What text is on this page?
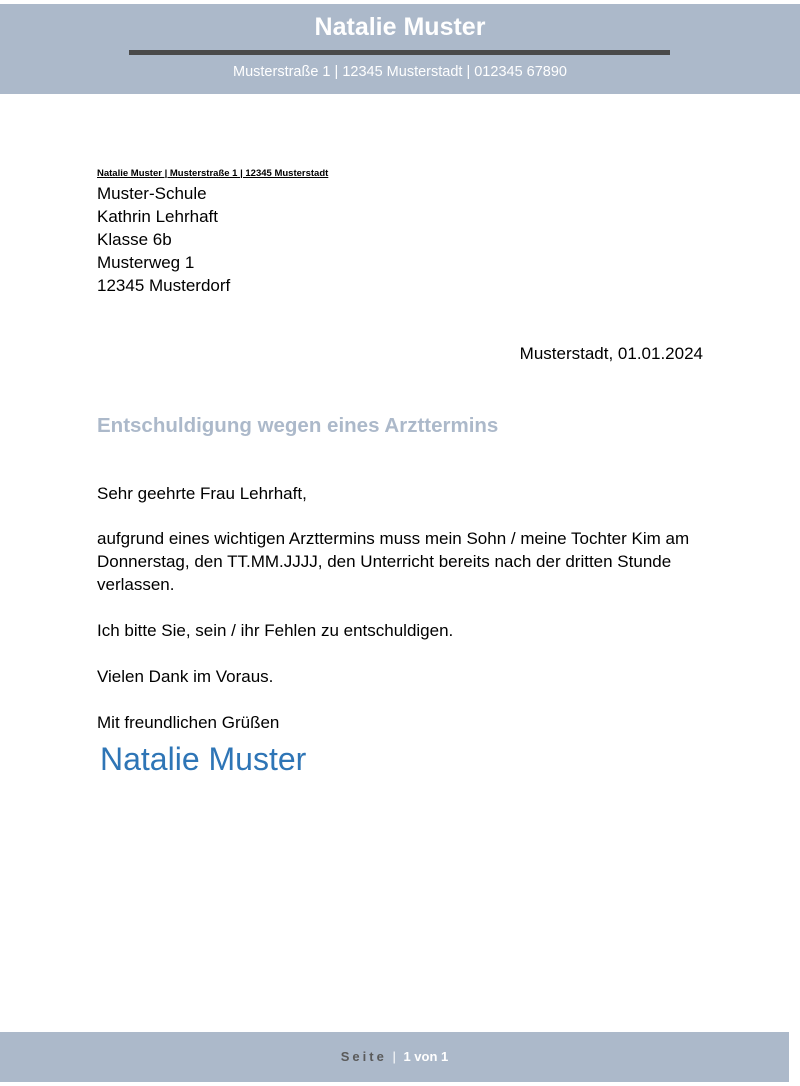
Natalie Muster
Musterstraße 1 | 12345 Musterstadt | 012345 67890
Natalie Muster | Musterstraße 1 | 12345 Musterstadt
Muster-Schule
Kathrin Lehrhaft
Klasse 6b
Musterweg 1
12345 Musterdorf
Musterstadt, 01.01.2024
Entschuldigung wegen eines Arzttermins
Sehr geehrte Frau Lehrhaft,
aufgrund eines wichtigen Arzttermins muss mein Sohn / meine Tochter Kim am Donnerstag, den TT.MM.JJJJ, den Unterricht bereits nach der dritten Stunde verlassen.
Ich bitte Sie, sein / ihr Fehlen zu entschuldigen.
Vielen Dank im Voraus.
Mit freundlichen Grüßen
Natalie Muster
Seite | 1 von 1
